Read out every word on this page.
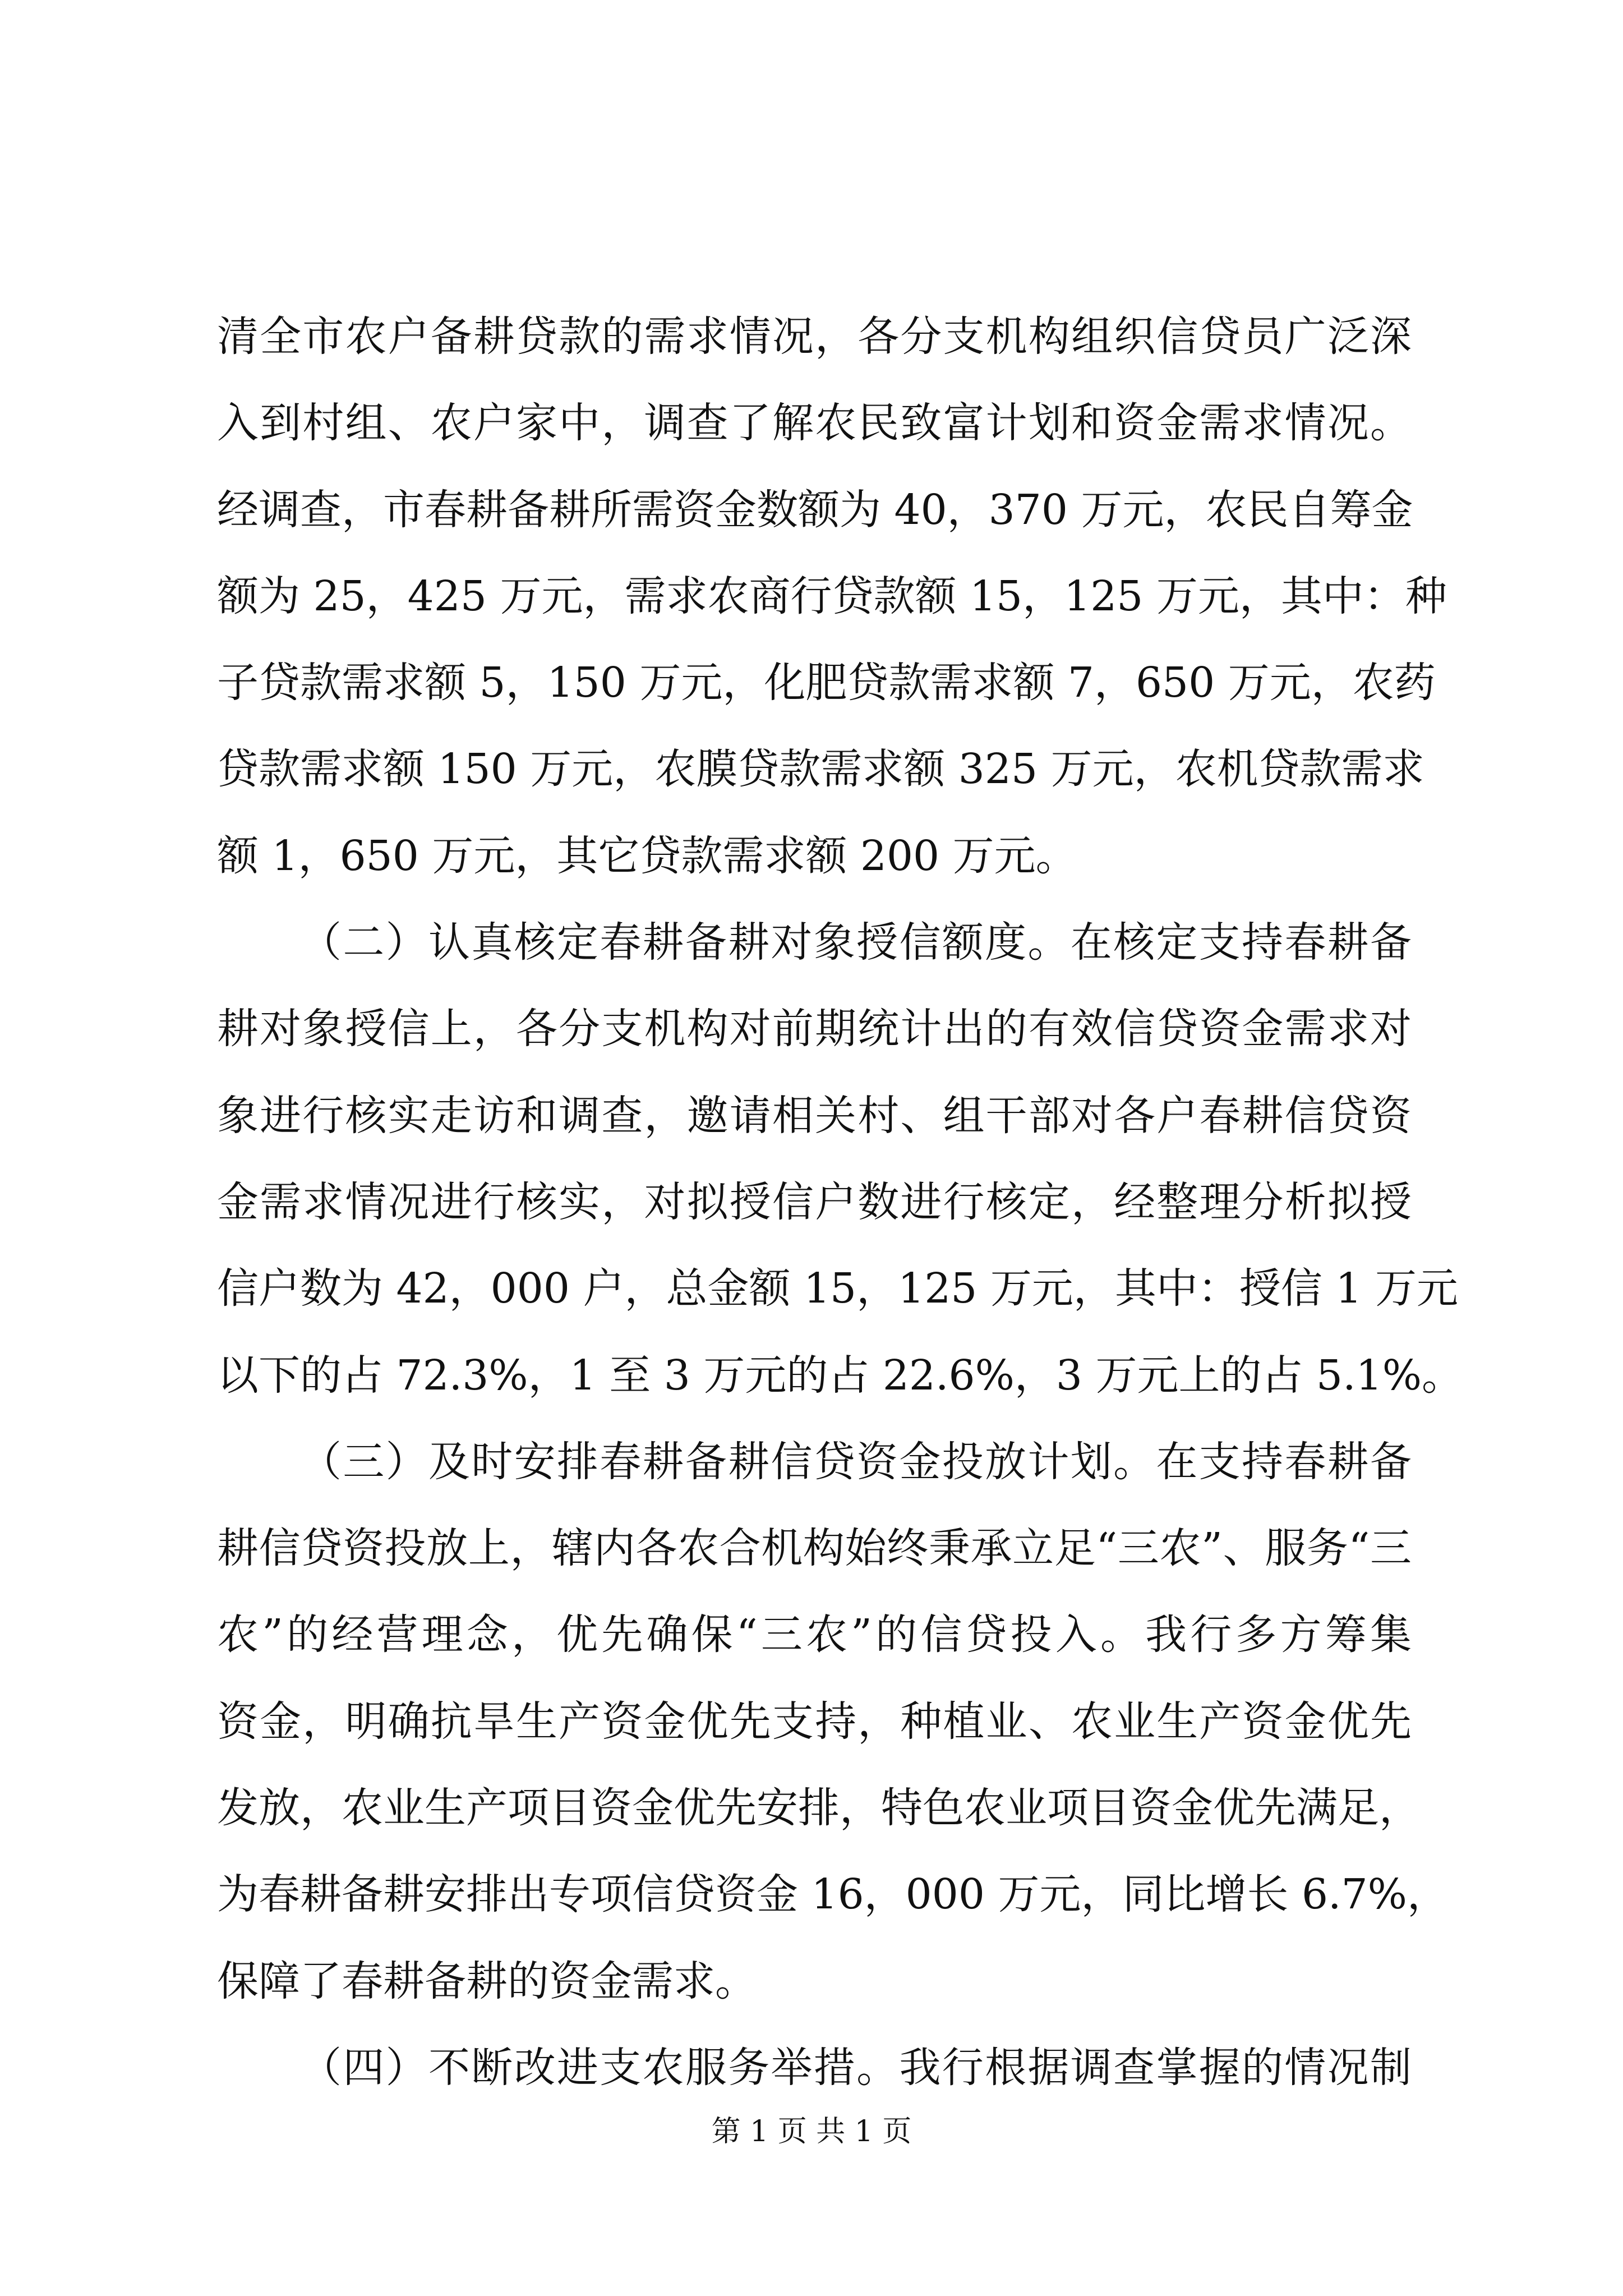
清全市农户备耕贷款的需求情况，各分支机构组织信贷员广泛深
入到村组、农户家中，调查了解农民致富计划和资金需求情况。
经调查，市春耕备耕所需资金数额为 40，370 万元，农民自筹金
额为 25，425 万元，需求农商行贷款额 15，125 万元，其中：种
子贷款需求额 5，150 万元，化肥贷款需求额 7，650 万元，农药
贷款需求额 150 万元，农膜贷款需求额 325 万元，农机贷款需求
额 1，650 万元，其它贷款需求额 200 万元。
（二）认真核定春耕备耕对象授信额度。在核定支持春耕备
耕对象授信上，各分支机构对前期统计出的有效信贷资金需求对
象进行核实走访和调查，邀请相关村、组干部对各户春耕信贷资
金需求情况进行核实，对拟授信户数进行核定，经整理分析拟授
信户数为 42，000 户，总金额 15，125 万元，其中：授信 1 万元
以下的占 72.3%，1 至 3 万元的占 22.6%，3 万元上的占 5.1%。
（三）及时安排春耕备耕信贷资金投放计划。在支持春耕备
耕信贷资投放上，辖内各农合机构始终秉承立足“三农”、服务“三
农”的经营理念，优先确保“三农”的信贷投入。我行多方筹集
资金，明确抗旱生产资金优先支持，种植业、农业生产资金优先
发放，农业生产项目资金优先安排，特色农业项目资金优先满足，
为春耕备耕安排出专项信贷资金 16，000 万元，同比增长 6.7%，
保障了春耕备耕的资金需求。
（四）不断改进支农服务举措。我行根据调查掌握的情况制
第 1 页 共 1 页
